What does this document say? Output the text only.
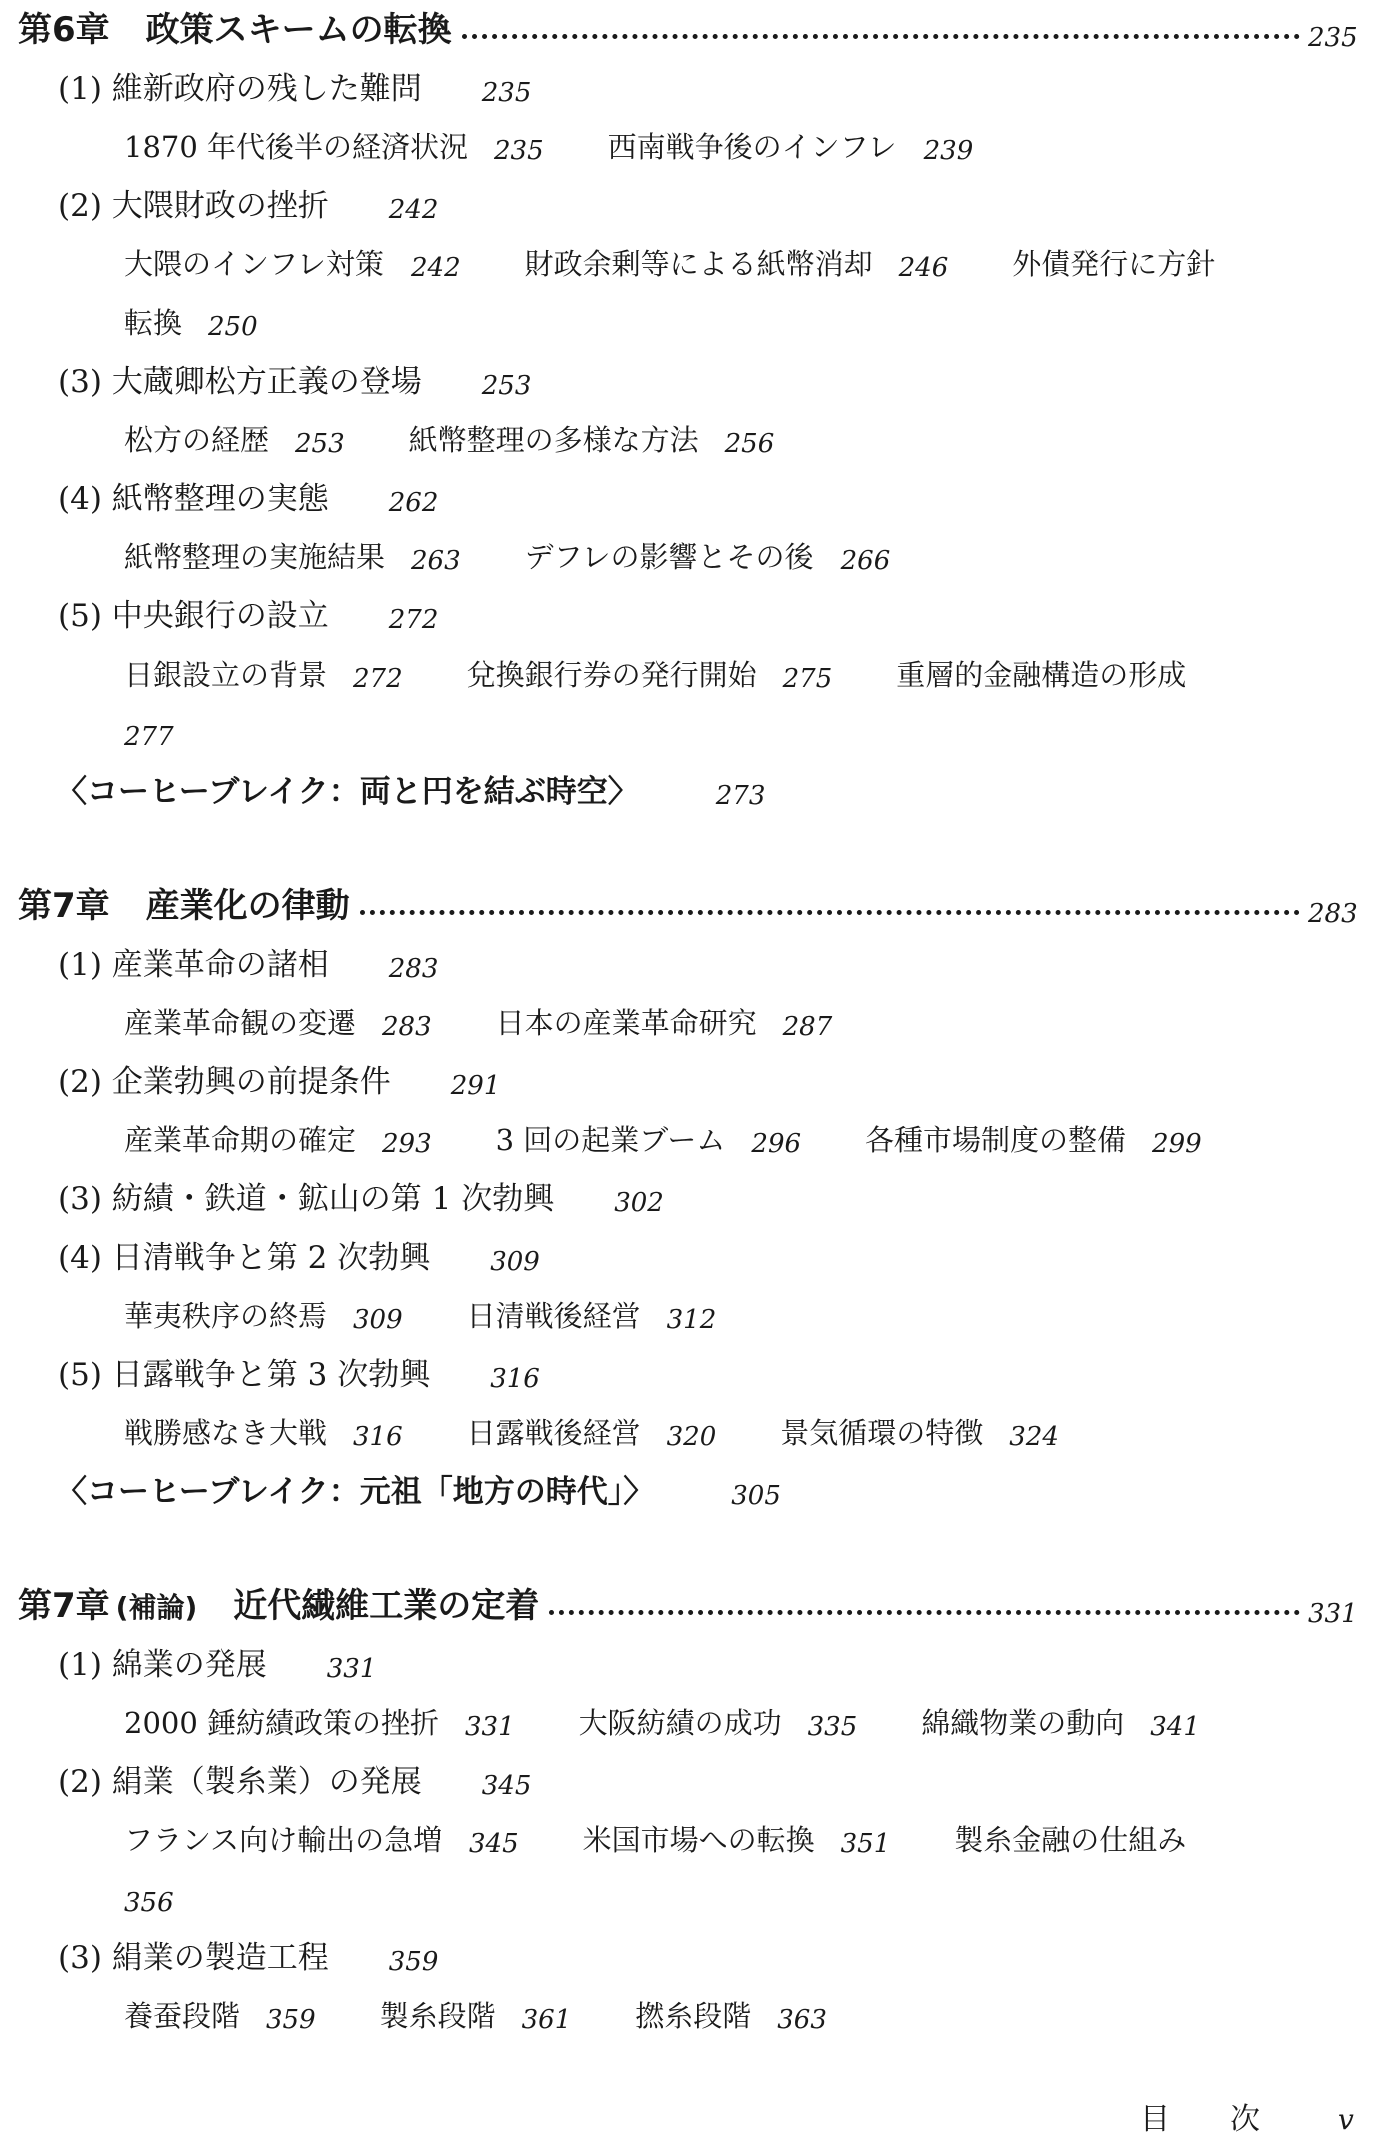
第6章 政策スキームの転換	235
(1) 維新政府の残した難問 235
1870 年代後半の経済状況 235 西南戦争後のインフレ 239
(2) 大隈財政の挫折 242
大隈のインフレ対策 242 財政余剰等による紙幣消却 246 外債発行に方針
転換 250
(3) 大蔵卿松方正義の登場 253
松方の経歴 253 紙幣整理の多様な方法 256
(4) 紙幣整理の実態 262
紙幣整理の実施結果 263 デフレの影響とその後 266
(5) 中央銀行の設立 272
日銀設立の背景 272 兌換銀行券の発行開始 275 重層的金融構造の形成
277
〈コーヒーブレイク：両と円を結ぶ時空〉	273
第7章 産業化の律動	283
(1) 産業革命の諸相 283
産業革命観の変遷 283 日本の産業革命研究 287
(2) 企業勃興の前提条件 291
産業革命期の確定 293 3 回の起業ブーム 296 各種市場制度の整備 299
(3) 紡績・鉄道・鉱山の第 1 次勃興 302
(4) 日清戦争と第 2 次勃興 309
華夷秩序の終焉 309 日清戦後経営 312
(5) 日露戦争と第 3 次勃興 316
戦勝感なき大戦 316 日露戦後経営 320 景気循環の特徴 324
〈コーヒーブレイク：元祖「地方の時代」〉	305
第7章 (補論) 近代繊維工業の定着	331
(1) 綿業の発展 331
2000 錘紡績政策の挫折 331 大阪紡績の成功 335 綿織物業の動向 341
(2) 絹業（製糸業）の発展 345
フランス向け輸出の急増 345 米国市場への転換 351 製糸金融の仕組み
356
(3) 絹業の製造工程 359
養蚕段階 359 製糸段階 361 撚糸段階 363
目次 v
